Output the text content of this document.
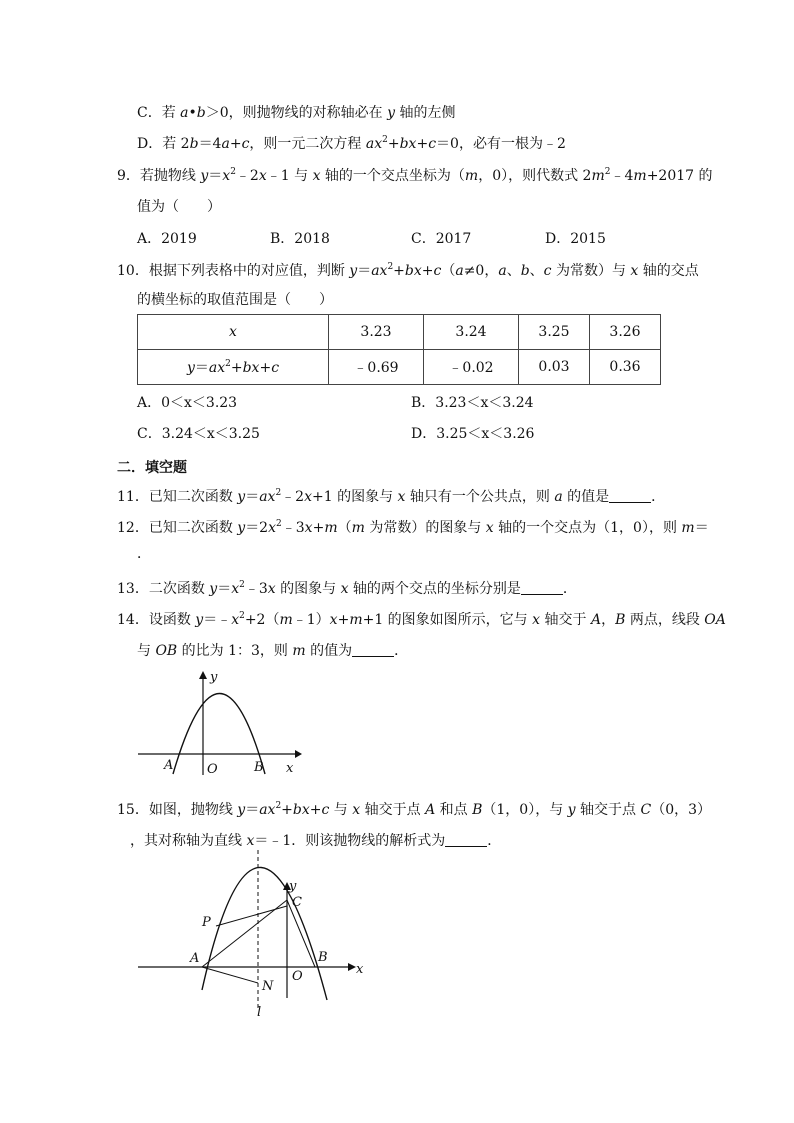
C．若 a•b＞0，则抛物线的对称轴必在 y 轴的左侧
D．若 2b＝4a+c，则一元二次方程 $ax^2+bx+c=0$，必有一根为﹣2
9．若抛物线 $y=x^2﹣2x﹣1$ 与 x 轴的一个交点坐标为（m，0），则代数式 $2m^2﹣4m+2017$ 的
值为（　　）
A．2019	B．2018	C．2017	D．2015
10．根据下列表格中的对应值，判断 $y=ax^2+bx+c(a\ne 0$，a、b、c 为常数）与 x 轴的交点
的横坐标的取值范围是（　　）
x	3.23	3.24	3.25	3.26
$y=ax^2+bx+c$	﹣0.69	﹣0.02	0.03	0.36
A．0＜x＜3.23	B．3.23＜x＜3.24
C．3.24＜x＜3.25	D．3.25＜x＜3.26
二．填空题
11．已知二次函数 $y=ax^2﹣2x+1$ 的图象与 x 轴只有一个公共点，则 a 的值是	．
12．已知二次函数 $y=2x^2﹣3x+m(m$ 为常数）的图象与 x 轴的一个交点为（1，0），则 m＝
．
13．二次函数 $y=x^2﹣3x$ 的图象与 x 轴的两个交点的坐标分别是	．
14．设函数 $y=﹣x^2+2(m﹣1)x+m+1$ 的图象如图所示，它与 x 轴交于 A，B 两点，线段 OA
与 OB 的比为 1：3，则 m 的值为	．
y
x
A	O	B
15．如图，抛物线 $y=ax^2+bx+c$ 与 x 轴交于点 A 和点 B（1，0），与 y 轴交于点 C（0，3）
，其对称轴为直线 x＝﹣1．则该抛物线的解析式为	．
y
x
C
P
A	B
O
N
l
